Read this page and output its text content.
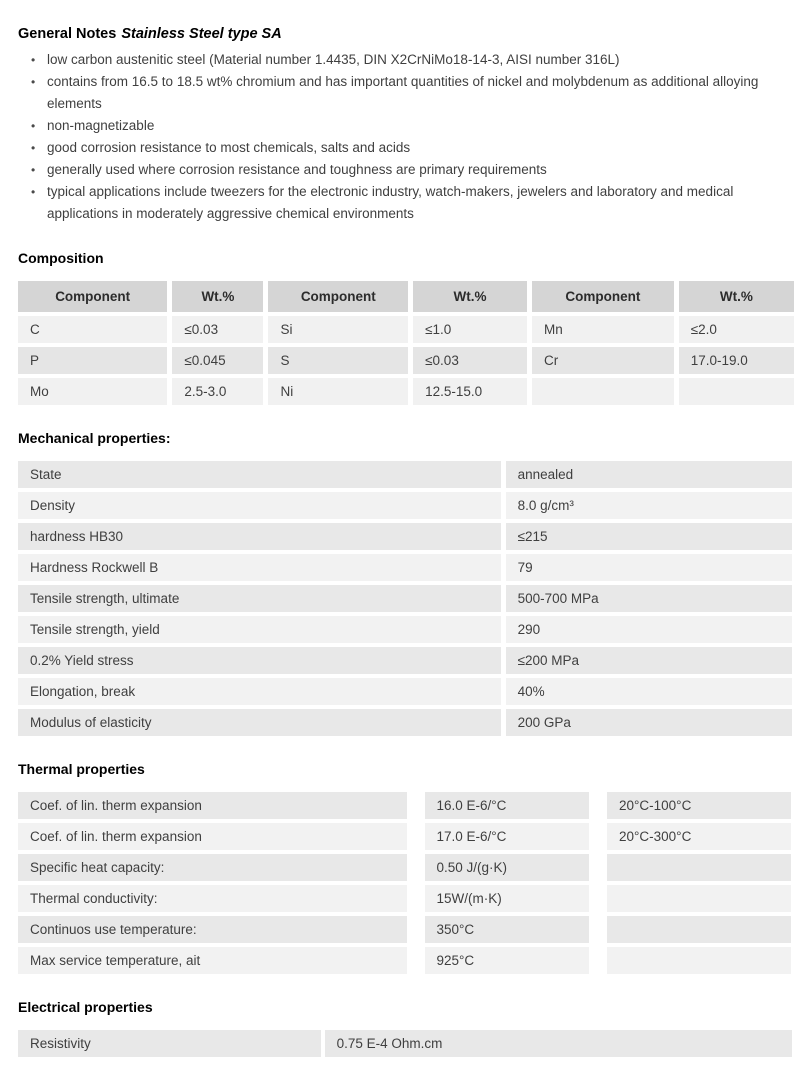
General Notes Stainless Steel type SA
• low carbon austenitic steel (Material number 1.4435, DIN X2CrNiMo18-14-3, AISI number 316L)
• contains from 16.5 to 18.5 wt% chromium and has important quantities of nickel and molybdenum as additional alloying elements
• non-magnetizable
• good corrosion resistance to most chemicals, salts and acids
• generally used where corrosion resistance and toughness are primary requirements
• typical applications include tweezers for the electronic industry, watch-makers, jewelers and laboratory and medical applications in moderately aggressive chemical environments
Composition
Component	Wt.%	Component	Wt.%	Component	Wt.%
C	≤0.03	Si	≤1.0	Mn	≤2.0
P	≤0.045	S	≤0.03	Cr	17.0-19.0
Mo	2.5-3.0	Ni	12.5-15.0		
Mechanical properties:
State	annealed
Density	8.0 g/cm³
hardness HB30	≤215
Hardness Rockwell B	79
Tensile strength, ultimate	500-700 MPa
Tensile strength, yield	290
0.2% Yield stress	≤200 MPa
Elongation, break	40%
Modulus of elasticity	200 GPa
Thermal properties
Coef. of lin. therm expansion	16.0 E-6/°C	20°C-100°C
Coef. of lin. therm expansion	17.0 E-6/°C	20°C-300°C
Specific heat capacity:	0.50 J/(g·K)	
Thermal conductivity:	15W/(m·K)	
Continuos use temperature:	350°C	
Max service temperature, ait	925°C	
Electrical properties
Resistivity	0.75 E-4 Ohm.cm
